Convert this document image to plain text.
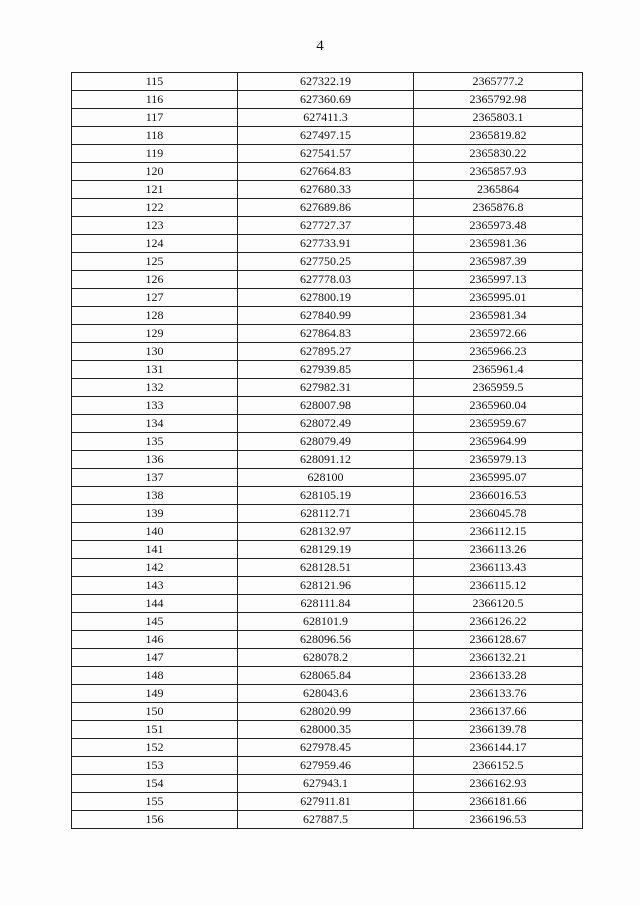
4
115	627322.19	2365777.2
116	627360.69	2365792.98
117	627411.3	2365803.1
118	627497.15	2365819.82
119	627541.57	2365830.22
120	627664.83	2365857.93
121	627680.33	2365864
122	627689.86	2365876.8
123	627727.37	2365973.48
124	627733.91	2365981.36
125	627750.25	2365987.39
126	627778.03	2365997.13
127	627800.19	2365995.01
128	627840.99	2365981.34
129	627864.83	2365972.66
130	627895.27	2365966.23
131	627939.85	2365961.4
132	627982.31	2365959.5
133	628007.98	2365960.04
134	628072.49	2365959.67
135	628079.49	2365964.99
136	628091.12	2365979.13
137	628100	2365995.07
138	628105.19	2366016.53
139	628112.71	2366045.78
140	628132.97	2366112.15
141	628129.19	2366113.26
142	628128.51	2366113.43
143	628121.96	2366115.12
144	628111.84	2366120.5
145	628101.9	2366126.22
146	628096.56	2366128.67
147	628078.2	2366132.21
148	628065.84	2366133.28
149	628043.6	2366133.76
150	628020.99	2366137.66
151	628000.35	2366139.78
152	627978.45	2366144.17
153	627959.46	2366152.5
154	627943.1	2366162.93
155	627911.81	2366181.66
156	627887.5	2366196.53
